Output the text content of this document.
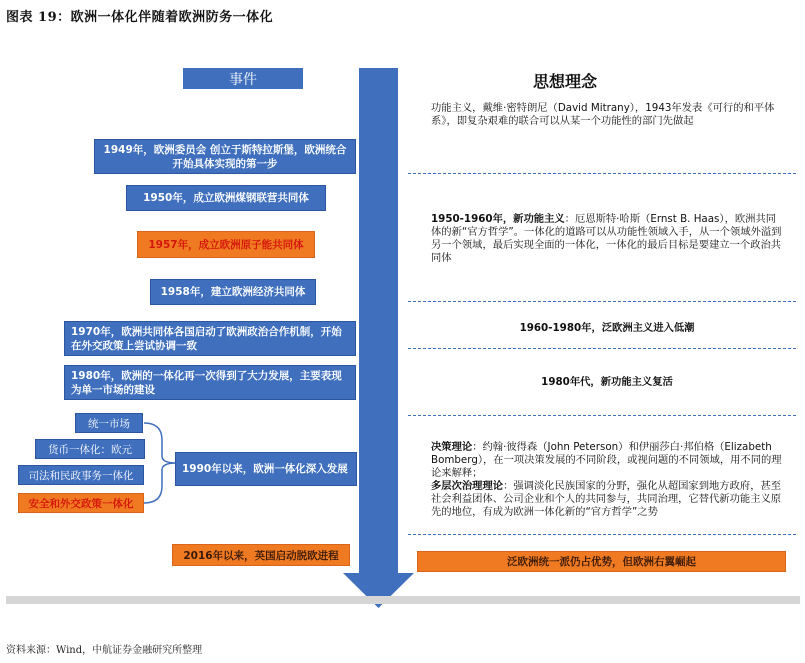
图表 19：欧洲一体化伴随着欧洲防务一体化
事件	思想理念
1949年，欧洲委员会 创立于斯特拉斯堡，欧洲统合开始具体实现的第一步
1950年，成立欧洲煤钢联营共同体
1957年，成立欧洲原子能共同体
1958年，建立欧洲经济共同体
1970年，欧洲共同体各国启动了欧洲政治合作机制，开始在外交政策上尝试协调一致
1980年，欧洲的一体化再一次得到了大力发展，主要表现为单一市场的建设
统一市场
货币一体化：欧元
司法和民政事务一体化
安全和外交政策一体化
1990年以来，欧洲一体化深入发展
2016年以来，英国启动脱欧进程
功能主义，戴维·密特朗尼（David Mitrany），1943年发表《可行的和平体系》，即复杂艰难的联合可以从某一个功能性的部门先做起
1950-1960年，新功能主义：厄恩斯特·哈斯（Ernst B. Haas），欧洲共同体的新“官方哲学”。一体化的道路可以从功能性领域入手，从一个领域外溢到另一个领域，最后实现全面的一体化，一体化的最后目标是要建立一个政治共同体
1960-1980年，泛欧洲主义进入低潮
1980年代，新功能主义复活
决策理论：约翰·彼得森（John Peterson）和伊丽莎白·邦伯格（Elizabeth Bomberg），在一项决策发展的不同阶段，或视问题的不同领域，用不同的理论来解释；
多层次治理理论：强调淡化民族国家的分野，强化从超国家到地方政府，甚至社会利益团体、公司企业和个人的共同参与，共同治理，它替代新功能主义原先的地位，有成为欧洲一体化新的“官方哲学”之势
泛欧洲统一派仍占优势，但欧洲右翼崛起
资料来源：Wind，中航证券金融研究所整理
